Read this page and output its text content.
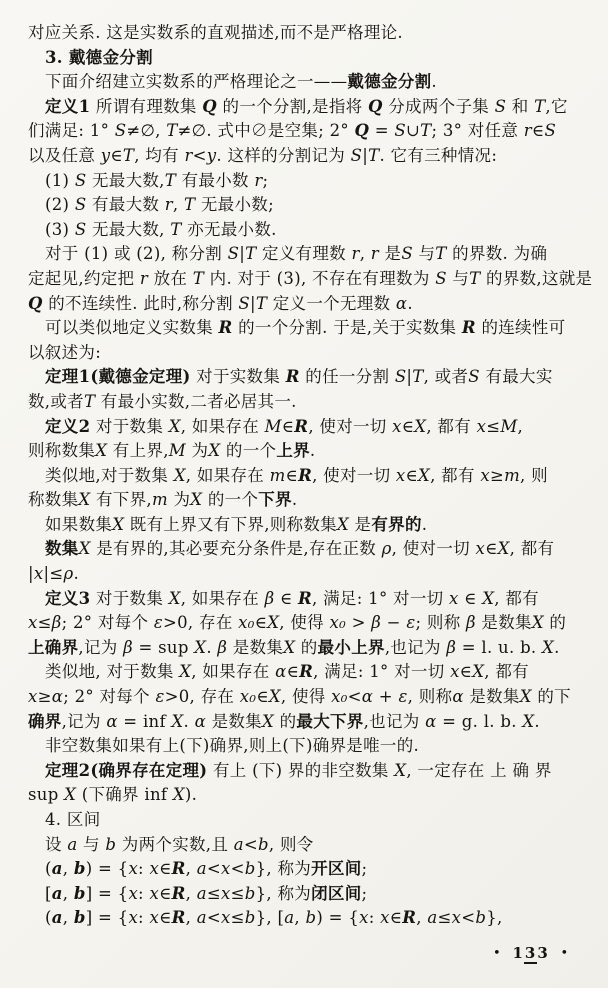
对应关系. 这是实数系的直观描述,而不是严格理论.
3. 戴德金分割
下面介绍建立实数系的严格理论之一——戴德金分割.
定义1 所谓有理数集 Q 的一个分割,是指将 Q 分成两个子集 S 和 T,它
们满足: 1° S≠∅, T≠∅. 式中∅是空集; 2° Q = S∪T; 3° 对任意 r∈S
以及任意 y∈T, 均有 r<y. 这样的分割记为 S|T. 它有三种情况:
(1) S 无最大数,T 有最小数 r;
(2) S 有最大数 r, T 无最小数;
(3) S 无最大数, T 亦无最小数.
对于 (1) 或 (2), 称分割 S|T 定义有理数 r, r 是S 与T 的界数. 为确
定起见,约定把 r 放在 T 内. 对于 (3), 不存在有理数为 S 与T 的界数,这就是
Q 的不连续性. 此时,称分割 S|T 定义一个无理数 α.
可以类似地定义实数集 R 的一个分割. 于是,关于实数集 R 的连续性可
以叙述为:
定理1(戴德金定理) 对于实数集 R 的任一分割 S|T, 或者S 有最大实
数,或者T 有最小实数,二者必居其一.
定义2 对于数集 X, 如果存在 M∈R, 使对一切 x∈X, 都有 x≤M,
则称数集X 有上界,M 为X 的一个上界.
类似地,对于数集 X, 如果存在 m∈R, 使对一切 x∈X, 都有 x≥m, 则
称数集X 有下界,m 为X 的一个下界.
如果数集X 既有上界又有下界,则称数集X 是有界的.
数集X 是有界的,其必要充分条件是,存在正数 ρ, 使对一切 x∈X, 都有
|x|≤ρ.
定义3 对于数集 X, 如果存在 β ∈ R, 满足: 1° 对一切 x ∈ X, 都有
x≤β; 2° 对每个 ε>0, 存在 x₀∈X, 使得 x₀ > β − ε; 则称 β 是数集X 的
上确界,记为 β = sup X. β 是数集X 的最小上界,也记为 β = l. u. b. X.
类似地, 对于数集 X, 如果存在 α∈R, 满足: 1° 对一切 x∈X, 都有
x≥α; 2° 对每个 ε>0, 存在 x₀∈X, 使得 x₀<α + ε, 则称α 是数集X 的下
确界,记为 α = inf X. α 是数集X 的最大下界,也记为 α = g. l. b. X.
非空数集如果有上(下)确界,则上(下)确界是唯一的.
定理2(确界存在定理) 有上 (下) 界的非空数集 X, 一定存在 上 确 界
sup X (下确界 inf X).
4. 区间
设 a 与 b 为两个实数,且 a<b, 则令
(a, b) = {x: x∈R, a<x<b}, 称为开区间;
[a, b] = {x: x∈R, a≤x≤b}, 称为闭区间;
(a, b] = {x: x∈R, a<x≤b}, [a, b) = {x: x∈R, a≤x<b},
• 133 •
